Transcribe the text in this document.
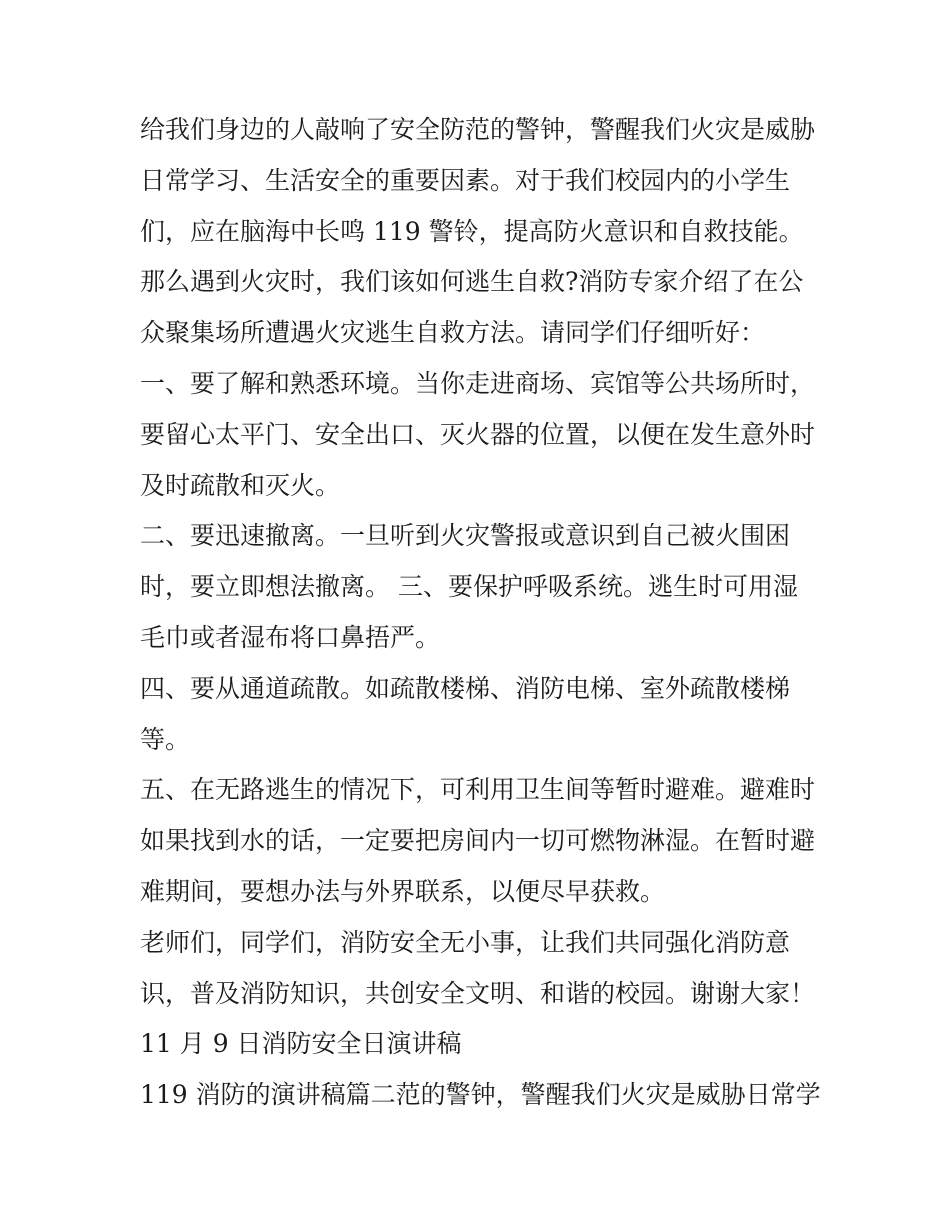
给我们身边的人敲响了安全防范的警钟，警醒我们火灾是威胁
日常学习、生活安全的重要因素。对于我们校园内的小学生
们，应在脑海中长鸣 119 警铃，提高防火意识和自救技能。
那么遇到火灾时，我们该如何逃生自救?消防专家介绍了在公
众聚集场所遭遇火灾逃生自救方法。请同学们仔细听好：
一、要了解和熟悉环境。当你走进商场、宾馆等公共场所时，
要留心太平门、安全出口、灭火器的位置，以便在发生意外时
及时疏散和灭火。
二、要迅速撤离。一旦听到火灾警报或意识到自己被火围困
时，要立即想法撤离。 三、要保护呼吸系统。逃生时可用湿
毛巾或者湿布将口鼻捂严。
四、要从通道疏散。如疏散楼梯、消防电梯、室外疏散楼梯
等。
五、在无路逃生的情况下，可利用卫生间等暂时避难。避难时
如果找到水的话，一定要把房间内一切可燃物淋湿。在暂时避
难期间，要想办法与外界联系，以便尽早获救。
老师们，同学们，消防安全无小事，让我们共同强化消防意
识，普及消防知识，共创安全文明、和谐的校园。谢谢大家！
11 月 9 日消防安全日演讲稿
119 消防的演讲稿篇二范的警钟，警醒我们火灾是威胁日常学
